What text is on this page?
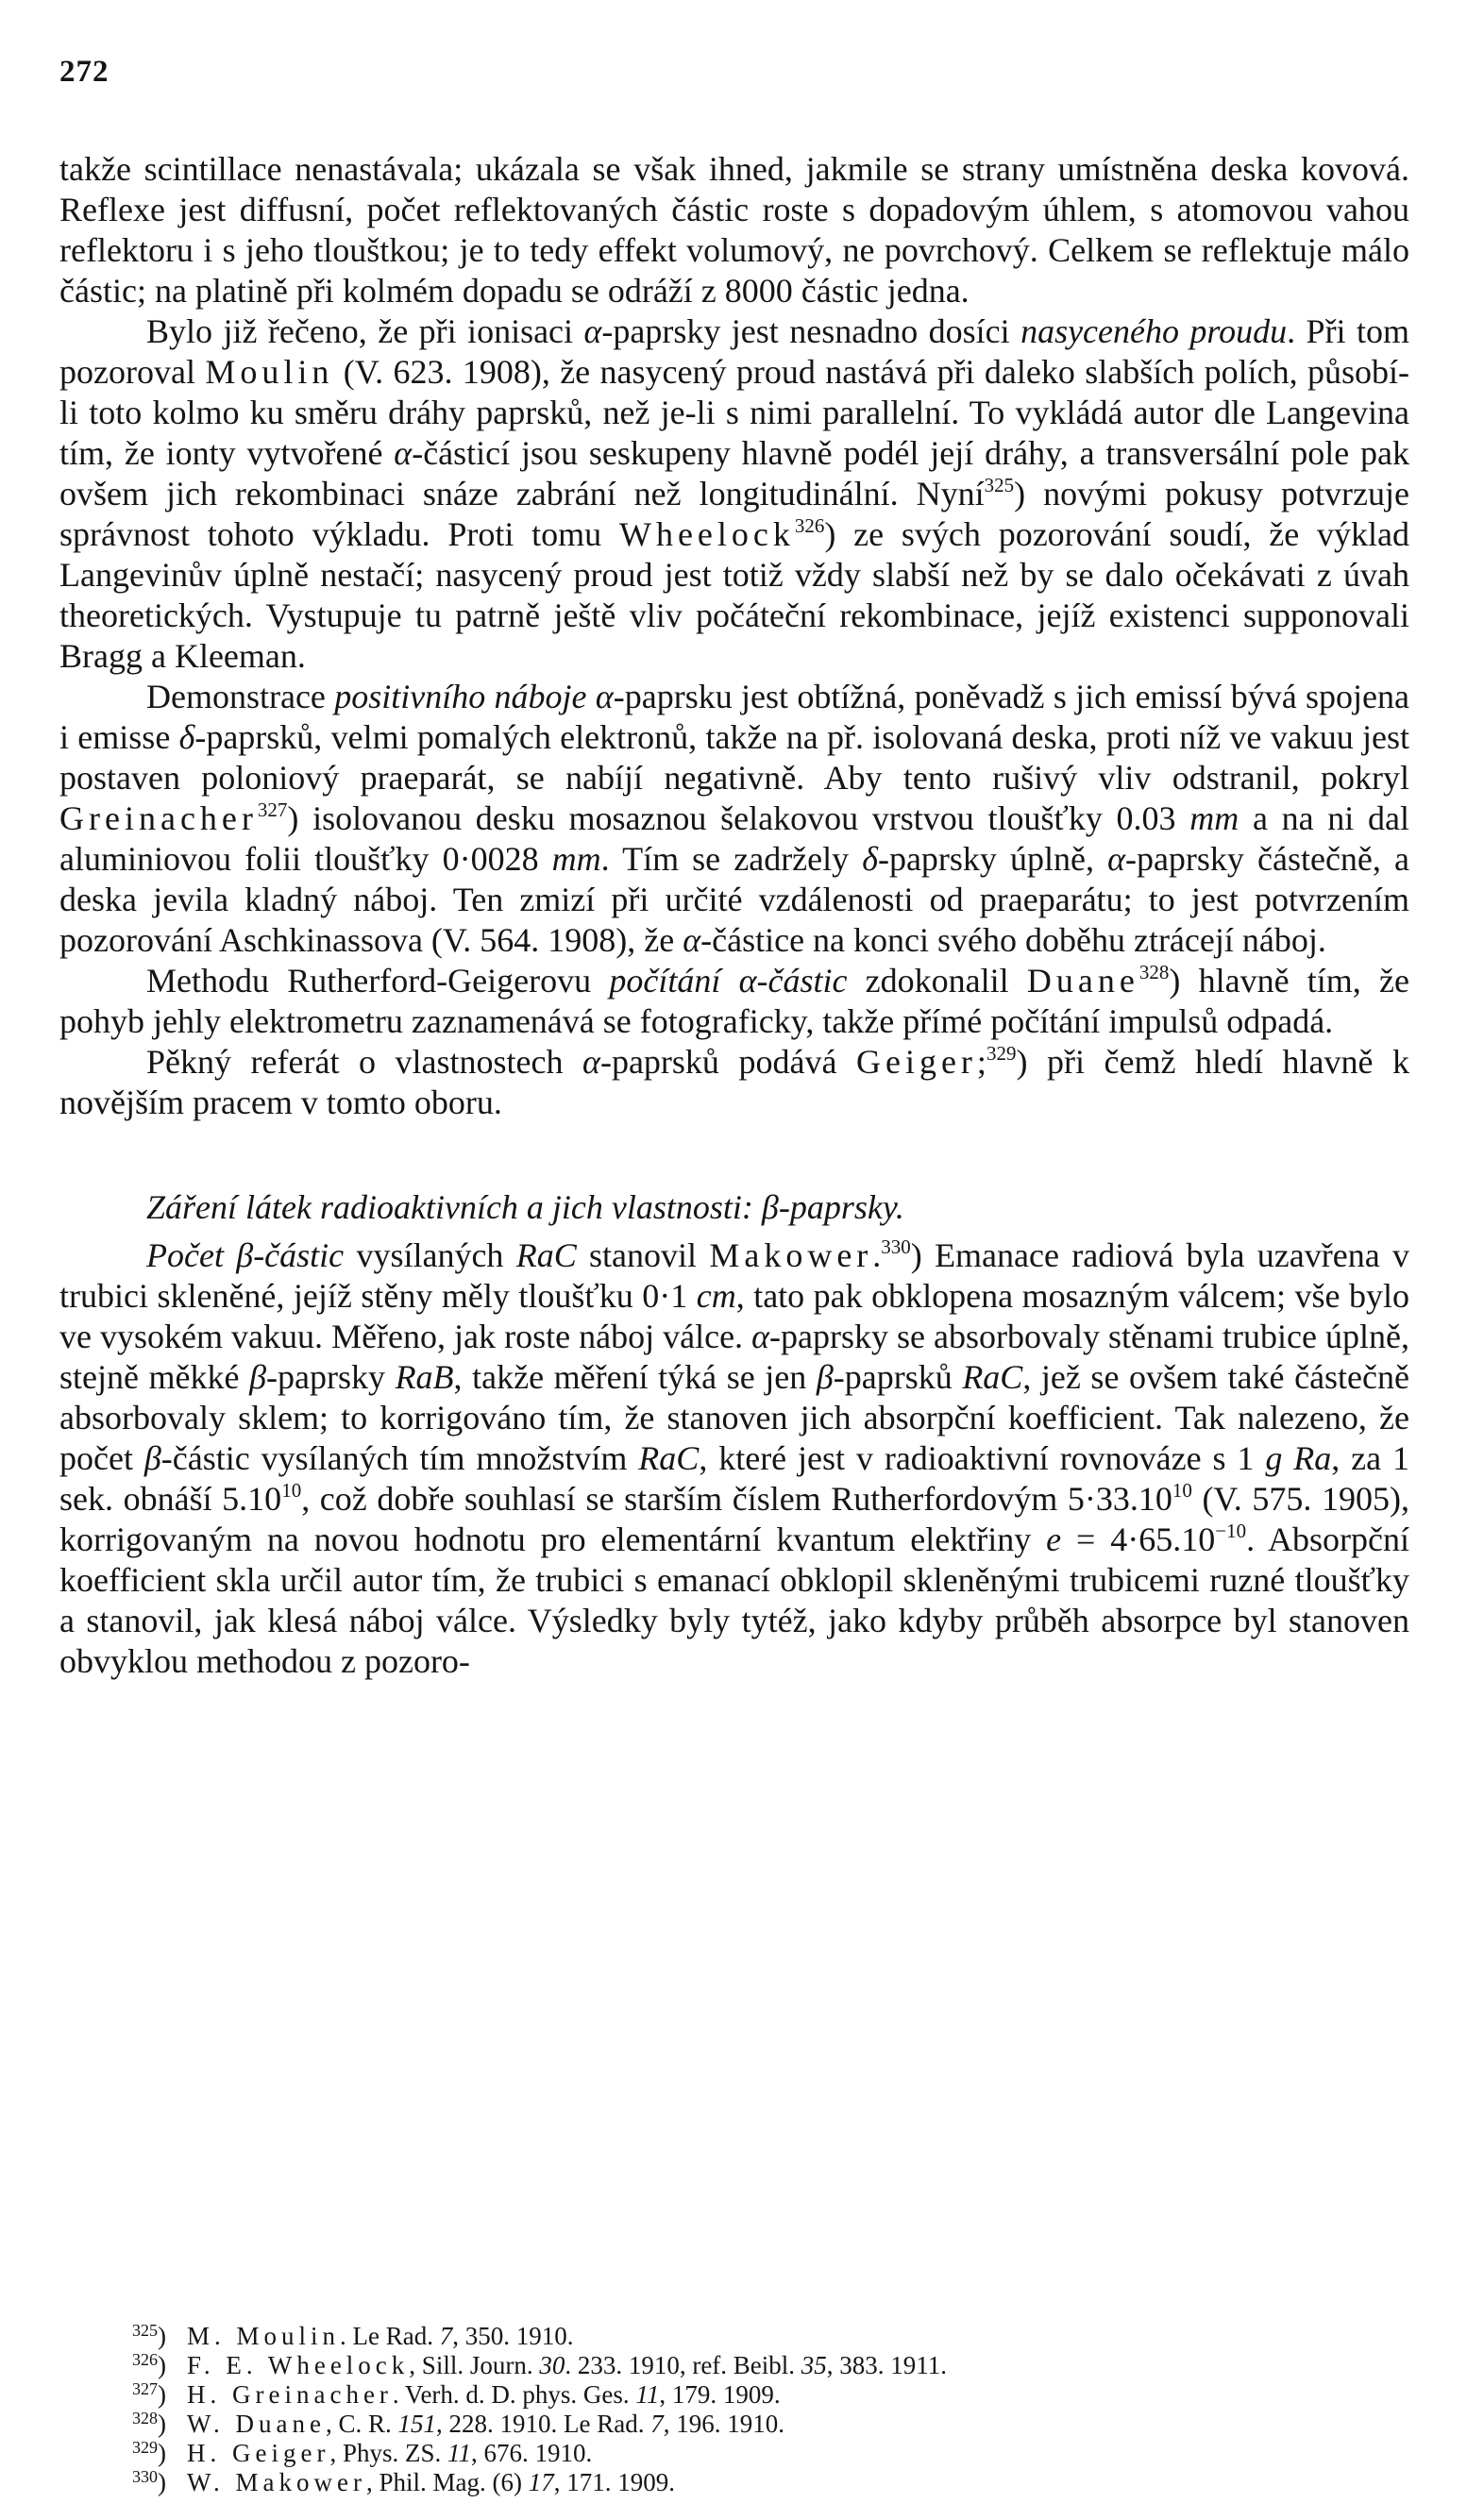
272

takže scintillace nenastávala; ukázala se však ihned, jakmile se strany umístněna deska kovová. Reflexe jest diffusní, počet reflektovaných částic roste s dopadovým úhlem, s atomovou vahou reflektoru i s jeho tlouštkou; je to tedy effekt volumový, ne povrchový. Celkem se reflektuje málo částic; na platině při kolmém dopadu se odráží z 8000 částic jedna.

Bylo již řečeno, že při ionisaci α-paprsky jest nesnadno dosíci nasyceného proudu. Při tom pozoroval Moulin (V. 623. 1908), že nasycený proud nastává při daleko slabších polích, působí-li toto kolmo ku směru dráhy paprsků, než je-li s nimi parallelní. To vykládá autor dle Langevina tím, že ionty vytvořené α-částicí jsou seskupeny hlavně podél její dráhy, a transversální pole pak ovšem jich rekombinaci snáze zabrání než longitudinální. Nyní$^{325}$) novými pokusy potvrzuje správnost tohoto výkladu. Proti tomu Wheelock$^{326}$) ze svých pozorování soudí, že výklad Langevinův úplně nestačí; nasycený proud jest totiž vždy slabší než by se dalo očekávati z úvah theoretických. Vystupuje tu patrně ještě vliv počáteční rekombinace, jejíž existenci supponovali Bragg a Kleeman.

Demonstrace positivního náboje α-paprsku jest obtížná, poněvadž s jich emissí bývá spojena i emisse δ-paprsků, velmi pomalých elektronů, takže na př. isolovaná deska, proti níž ve vakuu jest postaven poloniový praeparát, se nabíjí negativně. Aby tento rušivý vliv odstranil, pokryl Greinacher$^{327}$) isolovanou desku mosaznou šelakovou vrstvou tloušťky 0.03 mm a na ni dal aluminiovou folii tloušťky 0·0028 mm. Tím se zadržely δ-paprsky úplně, α-paprsky částečně, a deska jevila kladný náboj. Ten zmizí při určité vzdálenosti od praeparátu; to jest potvrzením pozorování Aschkinassova (V. 564. 1908), že α-částice na konci svého doběhu ztrácejí náboj.

Methodu Rutherford-Geigerovu počítání α-částic zdokonalil Duane$^{328}$) hlavně tím, že pohyb jehly elektrometru zaznamenává se fotograficky, takže přímé počítání impulsů odpadá.

Pěkný referát o vlastnostech α-paprsků podává Geiger;$^{329}$) při čemž hledí hlavně k novějším pracem v tomto oboru.

Záření látek radioaktivních a jich vlastnosti: β-paprsky.

Počet β-částic vysílaných RaC stanovil Makower.$^{330}$) Emanace radiová byla uzavřena v trubici skleněné, jejíž stěny měly tloušťku 0·1 cm, tato pak obklopena mosazným válcem; vše bylo ve vysokém vakuu. Měřeno, jak roste náboj válce. α-paprsky se absorbovaly stěnami trubice úplně, stejně měkké β-paprsky RaB, takže měření týká se jen β-paprsků RaC, jež se ovšem také částečně absorbovaly sklem; to korrigováno tím, že stanoven jich absorpční koefficient. Tak nalezeno, že počet β-částic vysílaných tím množstvím RaC, které jest v radioaktivní rovnováze s 1 g Ra, za 1 sek. obnáší 5.10$^{10}$, což dobře souhlasí se starším číslem Rutherfordovým $5\cdot 33.10^{10}$ (V. 575. 1905), korrigovaným na novou hodnotu pro elementární kvantum elektřiny $e = 4\cdot 65.10^{-10}$. Absorpční koefficient skla určil autor tím, že trubici s emanací obklopil skleněnými trubicemi ruzné tloušťky a stanovil, jak klesá náboj válce. Výsledky byly tytéž, jako kdyby průběh absorpce byl stanoven obvyklou methodou z pozoro-

$^{325}$) M. Moulin. Le Rad. 7, 350. 1910.

$^{326}$) F. E. Wheelock, Sill. Journ. 30. 233. 1910, ref. Beibl. 35, 383. 1911.

$^{327}$) H. Greinacher. Verh. d. D. phys. Ges. 11, 179. 1909.

$^{328}$) W. Duane, C. R. 151, 228. 1910. Le Rad. 7, 196. 1910.

$^{329}$) H. Geiger, Phys. ZS. 11, 676. 1910.

$^{330}$) W. Makower, Phil. Mag. (6) 17, 171. 1909.
